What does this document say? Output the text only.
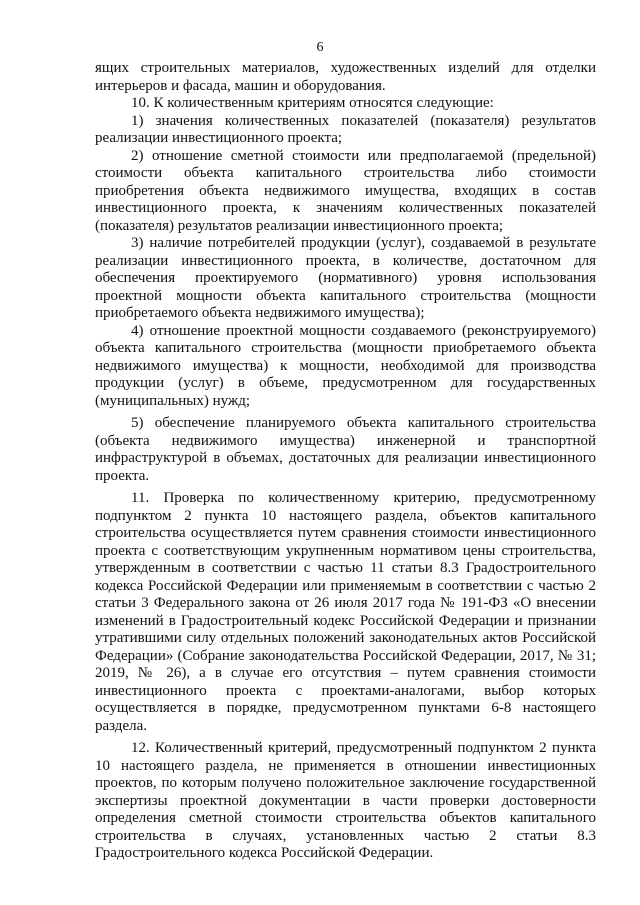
6

ящих строительных материалов, художественных изделий для отделки интерьеров и фасада, машин и оборудования.

10. К количественным критериям относятся следующие:

1) значения количественных показателей (показателя) результатов реализации инвестиционного проекта;

2) отношение сметной стоимости или предполагаемой (предельной) стоимости объекта капитального строительства либо стоимости приобретения объекта недвижимого имущества, входящих в состав инвестиционного проекта, к значениям количественных показателей (показателя) результатов реализации инвестиционного проекта;

3) наличие потребителей продукции (услуг), создаваемой в результате реализации инвестиционного проекта, в количестве, достаточном для обеспечения проектируемого (нормативного) уровня использования проектной мощности объекта капитального строительства (мощности приобретаемого объекта недвижимого имущества);

4) отношение проектной мощности создаваемого (реконструируемого) объекта капитального строительства (мощности приобретаемого объекта недвижимого имущества) к мощности, необходимой для производства продукции (услуг) в объеме, предусмотренном для государственных (муниципальных) нужд;

5) обеспечение планируемого объекта капитального строительства (объекта недвижимого имущества) инженерной и транспортной инфраструктурой в объемах, достаточных для реализации инвестиционного проекта.

11. Проверка по количественному критерию, предусмотренному подпунктом 2 пункта 10 настоящего раздела, объектов капитального строительства осуществляется путем сравнения стоимости инвестиционного проекта с соответствующим укрупненным нормативом цены строительства, утвержденным в соответствии с частью 11 статьи 8.3 Градостроительного кодекса Российской Федерации или применяемым в соответствии с частью 2 статьи 3 Федерального закона от 26 июля 2017 года № 191-ФЗ «О внесении изменений в Градостроительный кодекс Российской Федерации и признании утратившими силу отдельных положений законодательных актов Российской Федерации» (Собрание законодательства Российской Федерации, 2017, № 31; 2019, № 26), а в случае его отсутствия – путем сравнения стоимости инвестиционного проекта с проектами-аналогами, выбор которых осуществляется в порядке, предусмотренном пунктами 6-8 настоящего раздела.

12. Количественный критерий, предусмотренный подпунктом 2 пункта 10 настоящего раздела, не применяется в отношении инвестиционных проектов, по которым получено положительное заключение государственной экспертизы проектной документации в части проверки достоверности определения сметной стоимости строительства объектов капитального строительства в случаях, установленных частью 2 статьи 8.3 Градостроительного кодекса Российской Федерации.
